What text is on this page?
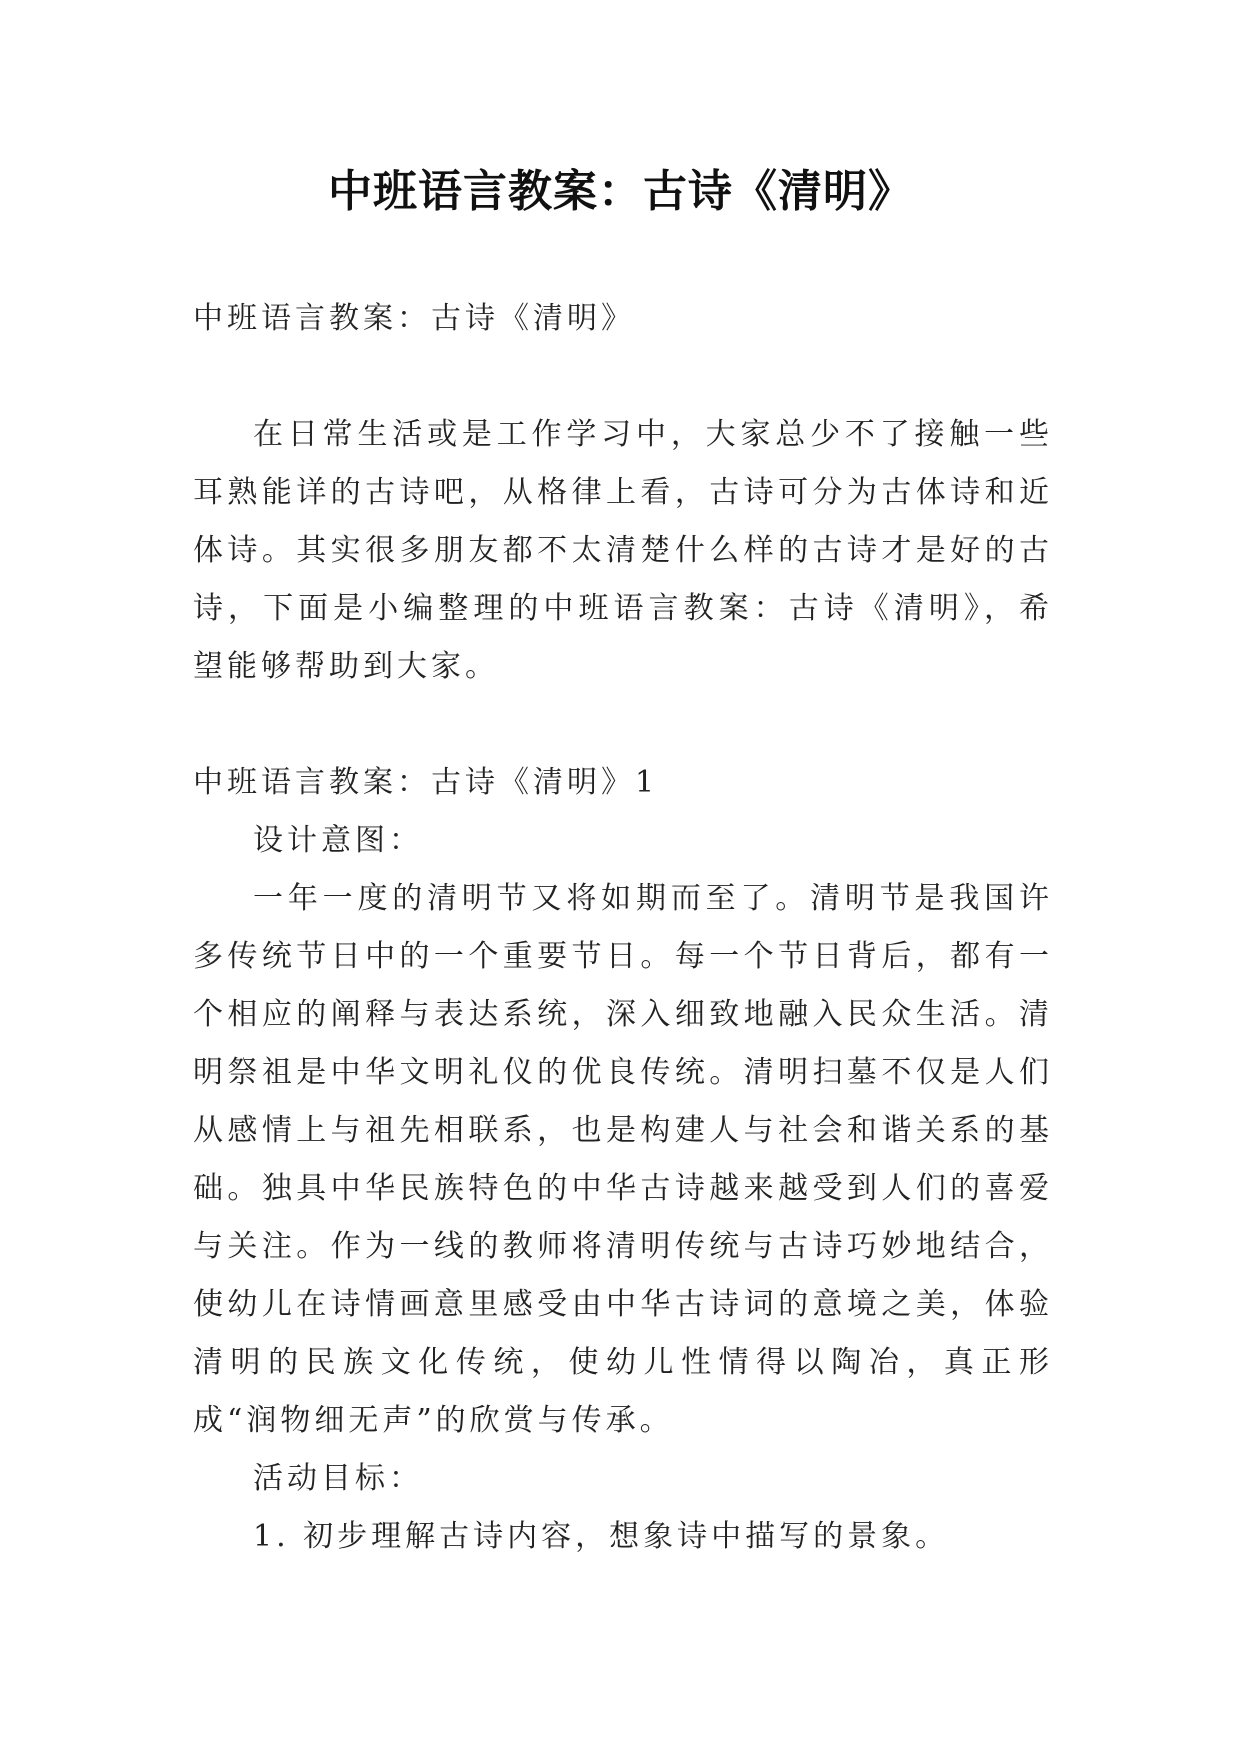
中班语言教案：古诗《清明》

中班语言教案：古诗《清明》

在日常生活或是工作学习中，大家总少不了接触一些耳熟能详的古诗吧，从格律上看，古诗可分为古体诗和近体诗。其实很多朋友都不太清楚什么样的古诗才是好的古诗，下面是小编整理的中班语言教案：古诗《清明》，希望能够帮助到大家。

中班语言教案：古诗《清明》1

设计意图：

一年一度的清明节又将如期而至了。清明节是我国许多传统节日中的一个重要节日。每一个节日背后，都有一个相应的阐释与表达系统，深入细致地融入民众生活。清明祭祖是中华文明礼仪的优良传统。清明扫墓不仅是人们从感情上与祖先相联系，也是构建人与社会和谐关系的基础。独具中华民族特色的中华古诗越来越受到人们的喜爱与关注。作为一线的教师将清明传统与古诗巧妙地结合，使幼儿在诗情画意里感受由中华古诗词的意境之美，体验清明的民族文化传统，使幼儿性情得以陶冶，真正形成“润物细无声”的欣赏与传承。

活动目标：

1. 初步理解古诗内容，想象诗中描写的景象。
